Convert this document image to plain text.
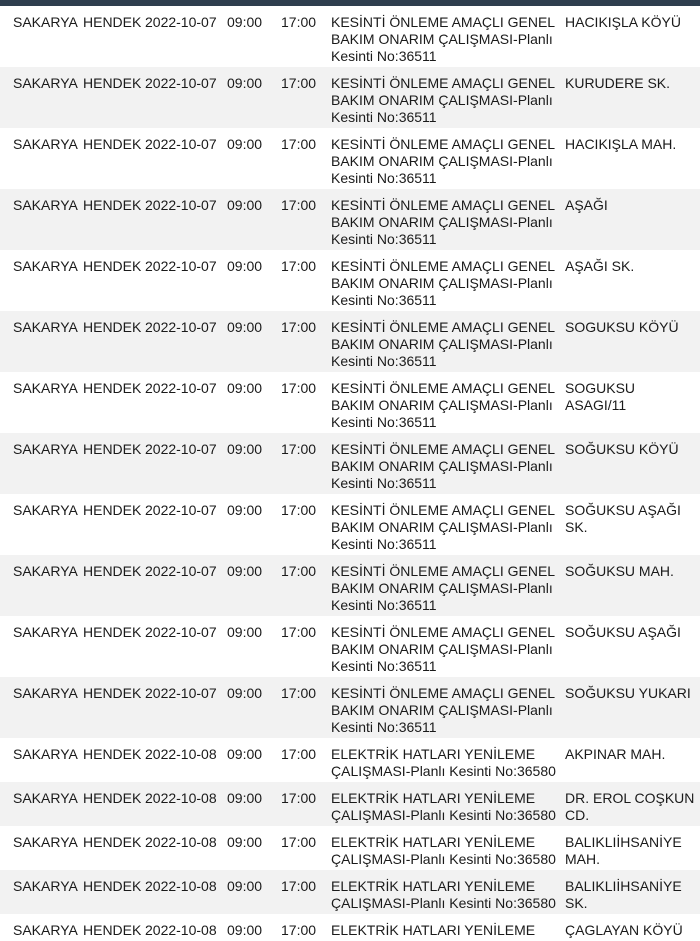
SAKARYA	HENDEK	2022-10-07	09:00	17:00	KESİNTİ ÖNLEME AMAÇLI GENEL BAKIM ONARIM ÇALIŞMASI-Planlı Kesinti No:36511	HACIKIŞLA KÖYÜ
SAKARYA	HENDEK	2022-10-07	09:00	17:00	KESİNTİ ÖNLEME AMAÇLI GENEL BAKIM ONARIM ÇALIŞMASI-Planlı Kesinti No:36511	KURUDERE SK.
SAKARYA	HENDEK	2022-10-07	09:00	17:00	KESİNTİ ÖNLEME AMAÇLI GENEL BAKIM ONARIM ÇALIŞMASI-Planlı Kesinti No:36511	HACIKIŞLA MAH.
SAKARYA	HENDEK	2022-10-07	09:00	17:00	KESİNTİ ÖNLEME AMAÇLI GENEL BAKIM ONARIM ÇALIŞMASI-Planlı Kesinti No:36511	AŞAĞI
SAKARYA	HENDEK	2022-10-07	09:00	17:00	KESİNTİ ÖNLEME AMAÇLI GENEL BAKIM ONARIM ÇALIŞMASI-Planlı Kesinti No:36511	AŞAĞI SK.
SAKARYA	HENDEK	2022-10-07	09:00	17:00	KESİNTİ ÖNLEME AMAÇLI GENEL BAKIM ONARIM ÇALIŞMASI-Planlı Kesinti No:36511	SOGUKSU KÖYÜ
SAKARYA	HENDEK	2022-10-07	09:00	17:00	KESİNTİ ÖNLEME AMAÇLI GENEL BAKIM ONARIM ÇALIŞMASI-Planlı Kesinti No:36511	SOGUKSU ASAGI/11
SAKARYA	HENDEK	2022-10-07	09:00	17:00	KESİNTİ ÖNLEME AMAÇLI GENEL BAKIM ONARIM ÇALIŞMASI-Planlı Kesinti No:36511	SOĞUKSU KÖYÜ
SAKARYA	HENDEK	2022-10-07	09:00	17:00	KESİNTİ ÖNLEME AMAÇLI GENEL BAKIM ONARIM ÇALIŞMASI-Planlı Kesinti No:36511	SOĞUKSU AŞAĞI SK.
SAKARYA	HENDEK	2022-10-07	09:00	17:00	KESİNTİ ÖNLEME AMAÇLI GENEL BAKIM ONARIM ÇALIŞMASI-Planlı Kesinti No:36511	SOĞUKSU MAH.
SAKARYA	HENDEK	2022-10-07	09:00	17:00	KESİNTİ ÖNLEME AMAÇLI GENEL BAKIM ONARIM ÇALIŞMASI-Planlı Kesinti No:36511	SOĞUKSU AŞAĞI
SAKARYA	HENDEK	2022-10-07	09:00	17:00	KESİNTİ ÖNLEME AMAÇLI GENEL BAKIM ONARIM ÇALIŞMASI-Planlı Kesinti No:36511	SOĞUKSU YUKARI
SAKARYA	HENDEK	2022-10-08	09:00	17:00	ELEKTRİK HATLARI YENİLEME ÇALIŞMASI-Planlı Kesinti No:36580	AKPINAR MAH.
SAKARYA	HENDEK	2022-10-08	09:00	17:00	ELEKTRİK HATLARI YENİLEME ÇALIŞMASI-Planlı Kesinti No:36580	DR. EROL COŞKUN CD.
SAKARYA	HENDEK	2022-10-08	09:00	17:00	ELEKTRİK HATLARI YENİLEME ÇALIŞMASI-Planlı Kesinti No:36580	BALIKLIİHSANİYE MAH.
SAKARYA	HENDEK	2022-10-08	09:00	17:00	ELEKTRİK HATLARI YENİLEME ÇALIŞMASI-Planlı Kesinti No:36580	BALIKLIİHSANİYE SK.
SAKARYA	HENDEK	2022-10-08	09:00	17:00	ELEKTRİK HATLARI YENİLEME	ÇAGLAYAN KÖYÜ
